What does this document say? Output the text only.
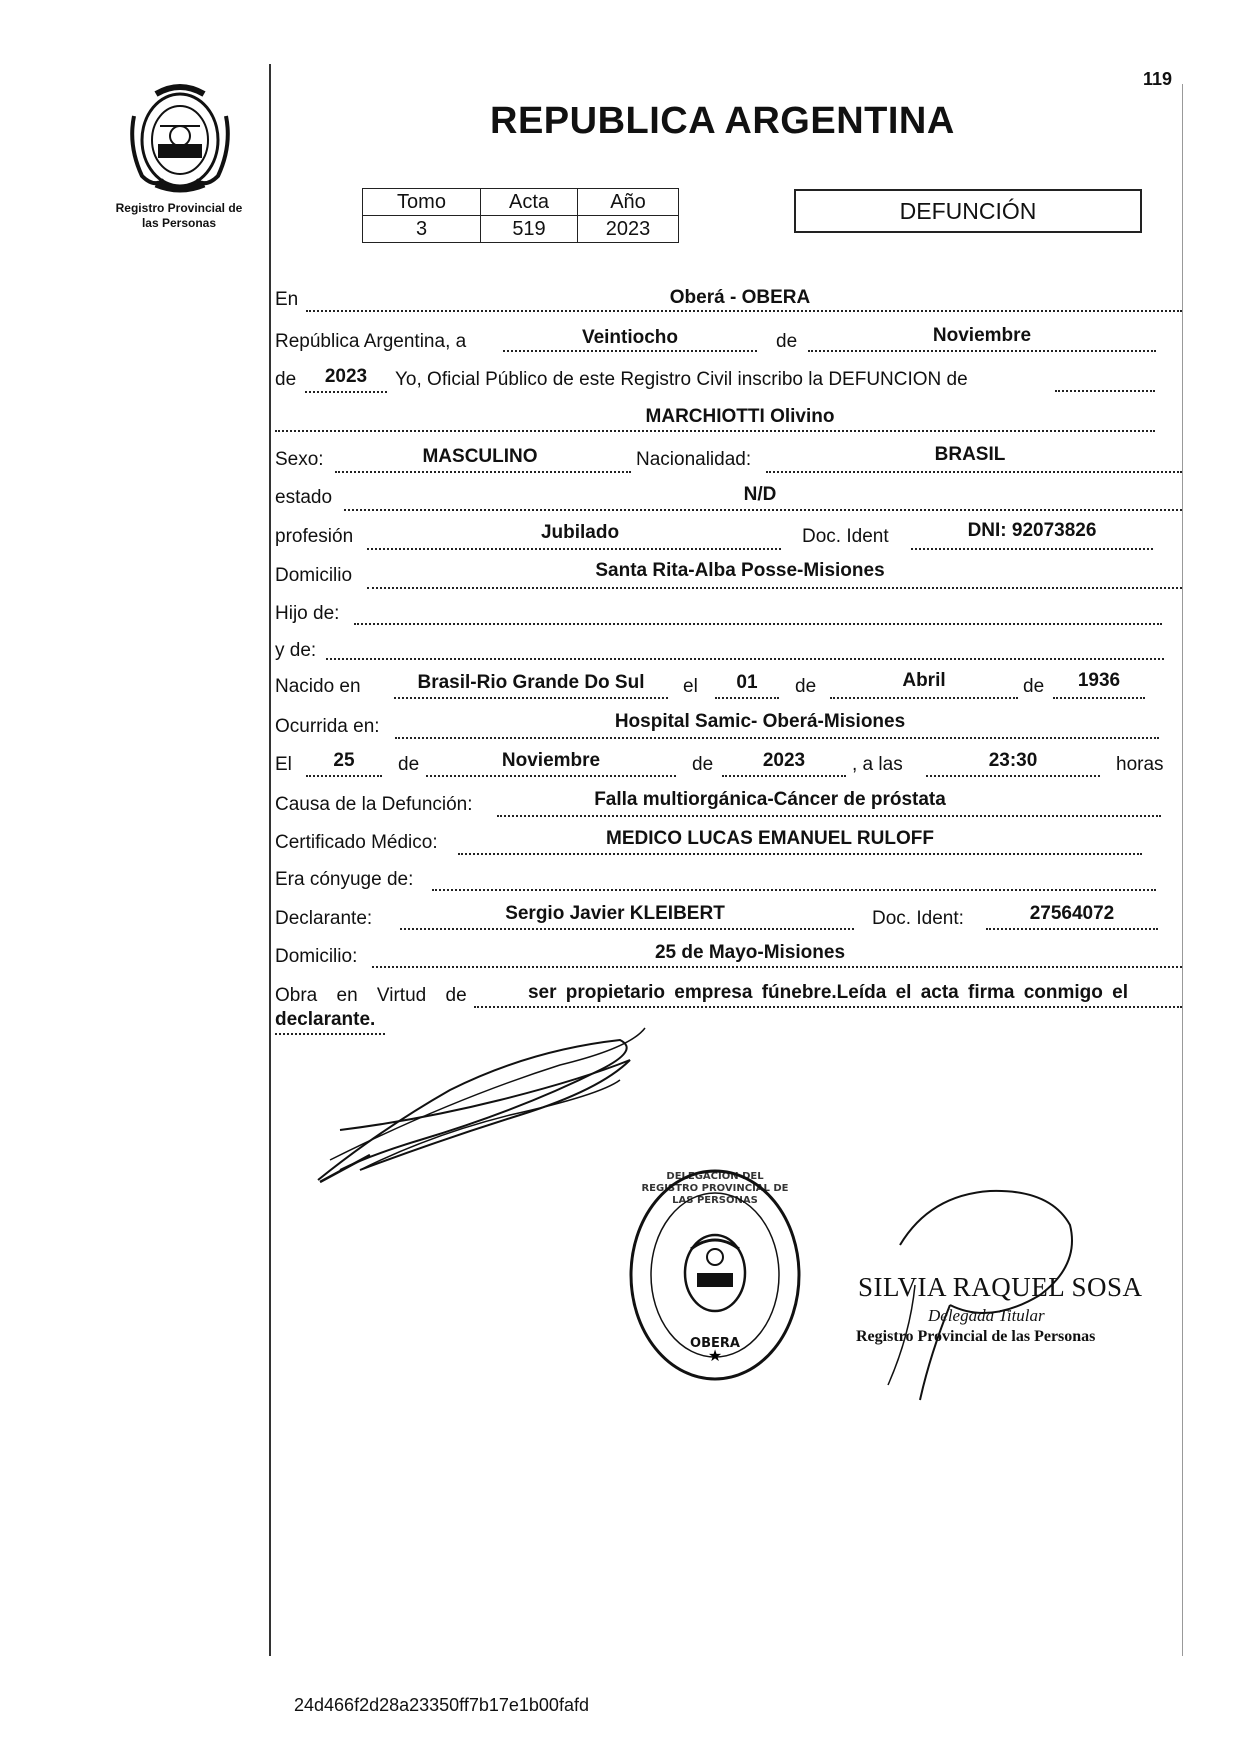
Registro Provincial de
las Personas
119
REPUBLICA ARGENTINA
Tomo	Acta	Año
3	519	2023
DEFUNCIÓN
En	Oberá - OBERA
República Argentina, a	Veintiocho	de	Noviembre
de	2023	Yo, Oficial Público de este Registro Civil inscribo la DEFUNCION de
MARCHIOTTI Olivino
Sexo:	MASCULINO	Nacionalidad:	BRASIL
estado	N/D
profesión	Jubilado	Doc. Ident	DNI: 92073826
Domicilio	Santa Rita-Alba Posse-Misiones
Hijo de:
y de:
Nacido en	Brasil-Rio Grande Do Sul	el	01	de	Abril	de	1936
Ocurrida en:	Hospital Samic- Oberá-Misiones
El	25	de	Noviembre	de	2023	, a las	23:30	horas
Causa de la Defunción:	Falla multiorgánica-Cáncer de próstata
Certificado Médico:	MEDICO LUCAS EMANUEL RULOFF
Era cónyuge de:
Declarante:	Sergio Javier KLEIBERT	Doc. Ident:	27564072
Domicilio:	25 de Mayo-Misiones
Obra en Virtud de	ser propietario empresa fúnebre.Leída el acta firma conmigo el
declarante.
★
DELEGACION DEL REGISTRO PROVINCIAL DE LAS PERSONAS
OBERA
SILVIA RAQUEL SOSA
Delegada Titular
Registro Provincial de las Personas
24d466f2d28a23350ff7b17e1b00fafd
